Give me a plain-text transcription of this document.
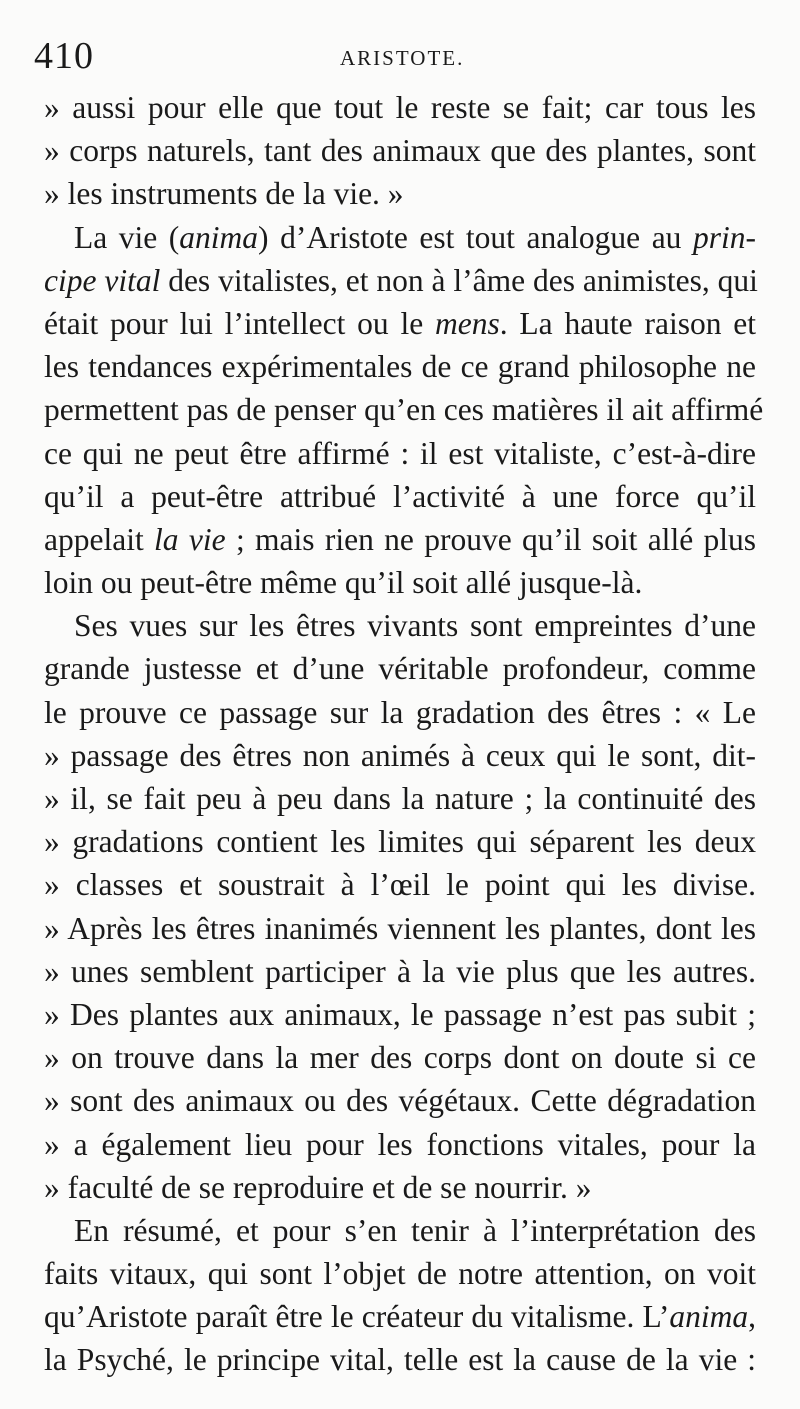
410	ARISTOTE.
» aussi pour elle que tout le reste se fait; car tous les
» corps naturels, tant des animaux que des plantes, sont
» les instruments de la vie. »
La vie (anima) d’Aristote est tout analogue au prin-
cipe vital des vitalistes, et non à l’âme des animistes, qui
était pour lui l’intellect ou le mens. La haute raison et
les tendances expérimentales de ce grand philosophe ne
permettent pas de penser qu’en ces matières il ait affirmé
ce qui ne peut être affirmé : il est vitaliste, c’est-à-dire
qu’il a peut-être attribué l’activité à une force qu’il
appelait la vie ; mais rien ne prouve qu’il soit allé plus
loin ou peut-être même qu’il soit allé jusque-là.
Ses vues sur les êtres vivants sont empreintes d’une
grande justesse et d’une véritable profondeur, comme
le prouve ce passage sur la gradation des êtres : « Le
» passage des êtres non animés à ceux qui le sont, dit-
» il, se fait peu à peu dans la nature ; la continuité des
» gradations contient les limites qui séparent les deux
» classes et soustrait à l’œil le point qui les divise.
» Après les êtres inanimés viennent les plantes, dont les
» unes semblent participer à la vie plus que les autres.
» Des plantes aux animaux, le passage n’est pas subit ;
» on trouve dans la mer des corps dont on doute si ce
» sont des animaux ou des végétaux. Cette dégradation
» a également lieu pour les fonctions vitales, pour la
» faculté de se reproduire et de se nourrir. »
En résumé, et pour s’en tenir à l’interprétation des
faits vitaux, qui sont l’objet de notre attention, on voit
qu’Aristote paraît être le créateur du vitalisme. L’anima,
la Psyché, le principe vital, telle est la cause de la vie :
